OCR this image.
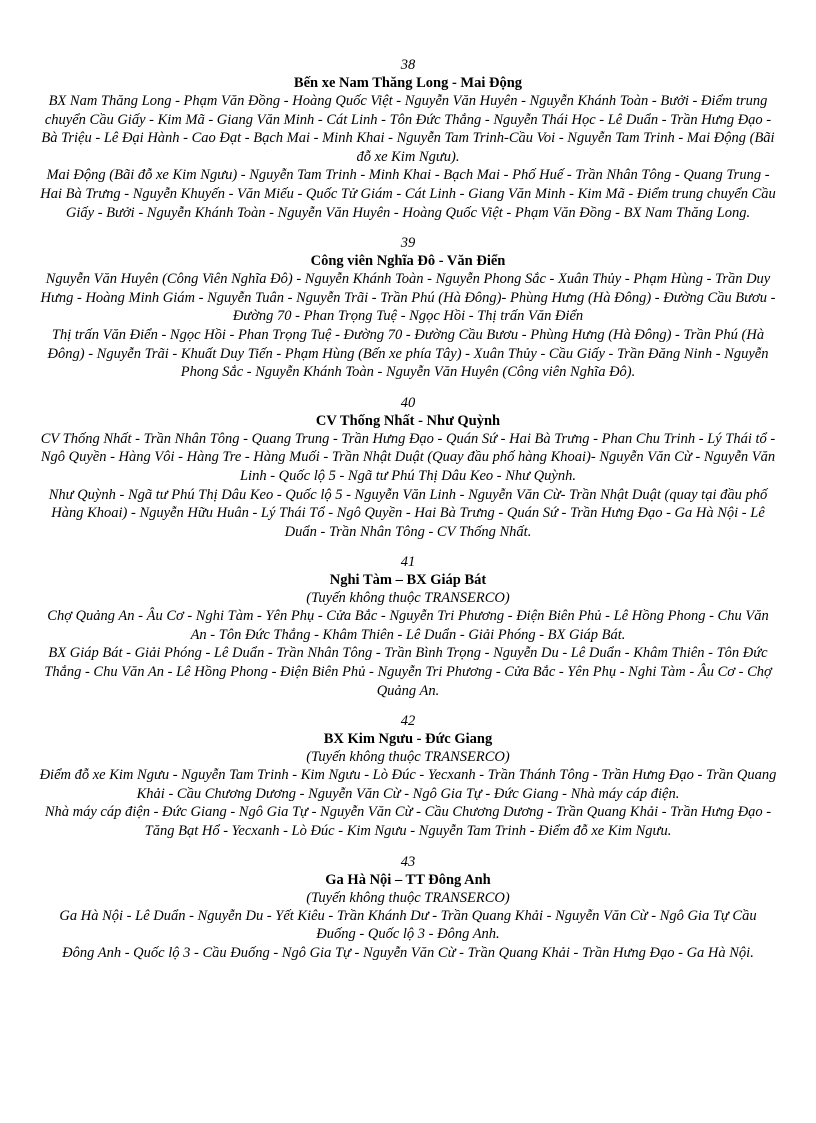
38
Bến xe Nam Thăng Long - Mai Động

BX Nam Thăng Long - Phạm Văn Đồng - Hoàng Quốc Việt - Nguyễn Văn Huyên - Nguyễn Khánh Toàn - Bưởi - Điểm trung chuyển Cầu Giấy - Kim Mã - Giang Văn Minh - Cát Linh - Tôn Đức Thắng - Nguyễn Thái Học - Lê Duẩn - Trần Hưng Đạo - Bà Triệu - Lê Đại Hành - Cao Đạt - Bạch Mai - Minh Khai - Nguyễn Tam Trinh-Cầu Voi - Nguyễn Tam Trinh - Mai Động (Bãi đỗ xe Kim Ngưu).

Mai Động (Bãi đỗ xe Kim Ngưu) - Nguyễn Tam Trinh - Minh Khai - Bạch Mai - Phố Huế - Trần Nhân Tông - Quang Trung - Hai Bà Trưng - Nguyễn Khuyến - Văn Miếu - Quốc Tử Giám - Cát Linh - Giang Văn Minh - Kim Mã - Điểm trung chuyển Cầu Giấy - Bưởi - Nguyễn Khánh Toàn - Nguyễn Văn Huyên - Hoàng Quốc Việt - Phạm Văn Đồng - BX Nam Thăng Long.

39
Công viên Nghĩa Đô - Văn Điển

Nguyễn Văn Huyên (Công Viên Nghĩa Đô) - Nguyễn Khánh Toàn - Nguyễn Phong Sắc - Xuân Thủy - Phạm Hùng - Trần Duy Hưng - Hoàng Minh Giám - Nguyễn Tuân - Nguyễn Trãi - Trần Phú (Hà Đông)- Phùng Hưng (Hà Đông) - Đường Cầu Bươu - Đường 70 - Phan Trọng Tuệ - Ngọc Hồi - Thị trấn Văn Điển

Thị trấn Văn Điển - Ngọc Hồi - Phan Trọng Tuệ - Đường 70 - Đường Cầu Bươu - Phùng Hưng (Hà Đông) - Trần Phú (Hà Đông) - Nguyễn Trãi - Khuất Duy Tiến - Phạm Hùng (Bến xe phía Tây) - Xuân Thủy - Cầu Giấy - Trần Đăng Ninh - Nguyễn Phong Sắc - Nguyễn Khánh Toàn - Nguyễn Văn Huyên (Công viên Nghĩa Đô).

40
CV Thống Nhất - Như Quỳnh

CV Thống Nhất - Trần Nhân Tông - Quang Trung - Trần Hưng Đạo - Quán Sứ - Hai Bà Trưng - Phan Chu Trinh - Lý Thái tổ - Ngô Quyền - Hàng Vôi - Hàng Tre - Hàng Muối - Trần Nhật Duật (Quay đầu phố hàng Khoai)- Nguyễn Văn Cừ - Nguyễn Văn Linh - Quốc lộ 5 - Ngã tư Phú Thị Dâu Keo - Như Quỳnh.

Như Quỳnh - Ngã tư Phú Thị Dâu Keo - Quốc lộ 5 - Nguyễn Văn Linh - Nguyễn Văn Cừ- Trần Nhật Duật (quay tại đầu phố Hàng Khoai) - Nguyễn Hữu Huân - Lý Thái Tổ - Ngô Quyền - Hai Bà Trưng - Quán Sứ - Trần Hưng Đạo - Ga Hà Nội - Lê Duẩn - Trần Nhân Tông - CV Thống Nhất.

41
Nghi Tàm – BX Giáp Bát
(Tuyến không thuộc TRANSERCO)

Chợ Quảng An - Âu Cơ - Nghi Tàm - Yên Phụ - Cửa Bắc - Nguyễn Tri Phương - Điện Biên Phủ - Lê Hồng Phong - Chu Văn An - Tôn Đức Thắng - Khâm Thiên - Lê Duẩn - Giải Phóng - BX Giáp Bát.

BX Giáp Bát - Giải Phóng - Lê Duẩn - Trần Nhân Tông - Trần Bình Trọng - Nguyễn Du - Lê Duẩn - Khâm Thiên - Tôn Đức Thắng - Chu Văn An - Lê Hồng Phong - Điện Biên Phủ - Nguyễn Tri Phương - Cửa Bắc - Yên Phụ - Nghi Tàm - Âu Cơ - Chợ Quảng An.

42
BX Kim Ngưu - Đức Giang
(Tuyến không thuộc TRANSERCO)

Điểm đỗ xe Kim Ngưu - Nguyễn Tam Trinh - Kim Ngưu - Lò Đúc - Yecxanh - Trần Thánh Tông - Trần Hưng Đạo - Trần Quang Khải - Cầu Chương Dương - Nguyễn Văn Cừ - Ngô Gia Tự - Đức Giang - Nhà máy cáp điện.

Nhà máy cáp điện - Đức Giang - Ngô Gia Tự - Nguyễn Văn Cừ - Cầu Chương Dương - Trần Quang Khải - Trần Hưng Đạo - Tăng Bạt Hổ - Yecxanh - Lò Đúc - Kim Ngưu - Nguyễn Tam Trinh - Điểm đỗ xe Kim Ngưu.

43
Ga Hà Nội – TT Đông Anh
(Tuyến không thuộc TRANSERCO)

Ga Hà Nội - Lê Duẩn - Nguyễn Du - Yết Kiêu - Trần Khánh Dư - Trần Quang Khải - Nguyễn Văn Cừ - Ngô Gia Tự Cầu Đuống - Quốc lộ 3 - Đông Anh.

Đông Anh - Quốc lộ 3 - Cầu Đuống - Ngô Gia Tự - Nguyễn Văn Cừ - Trần Quang Khải - Trần Hưng Đạo - Ga Hà Nội.
